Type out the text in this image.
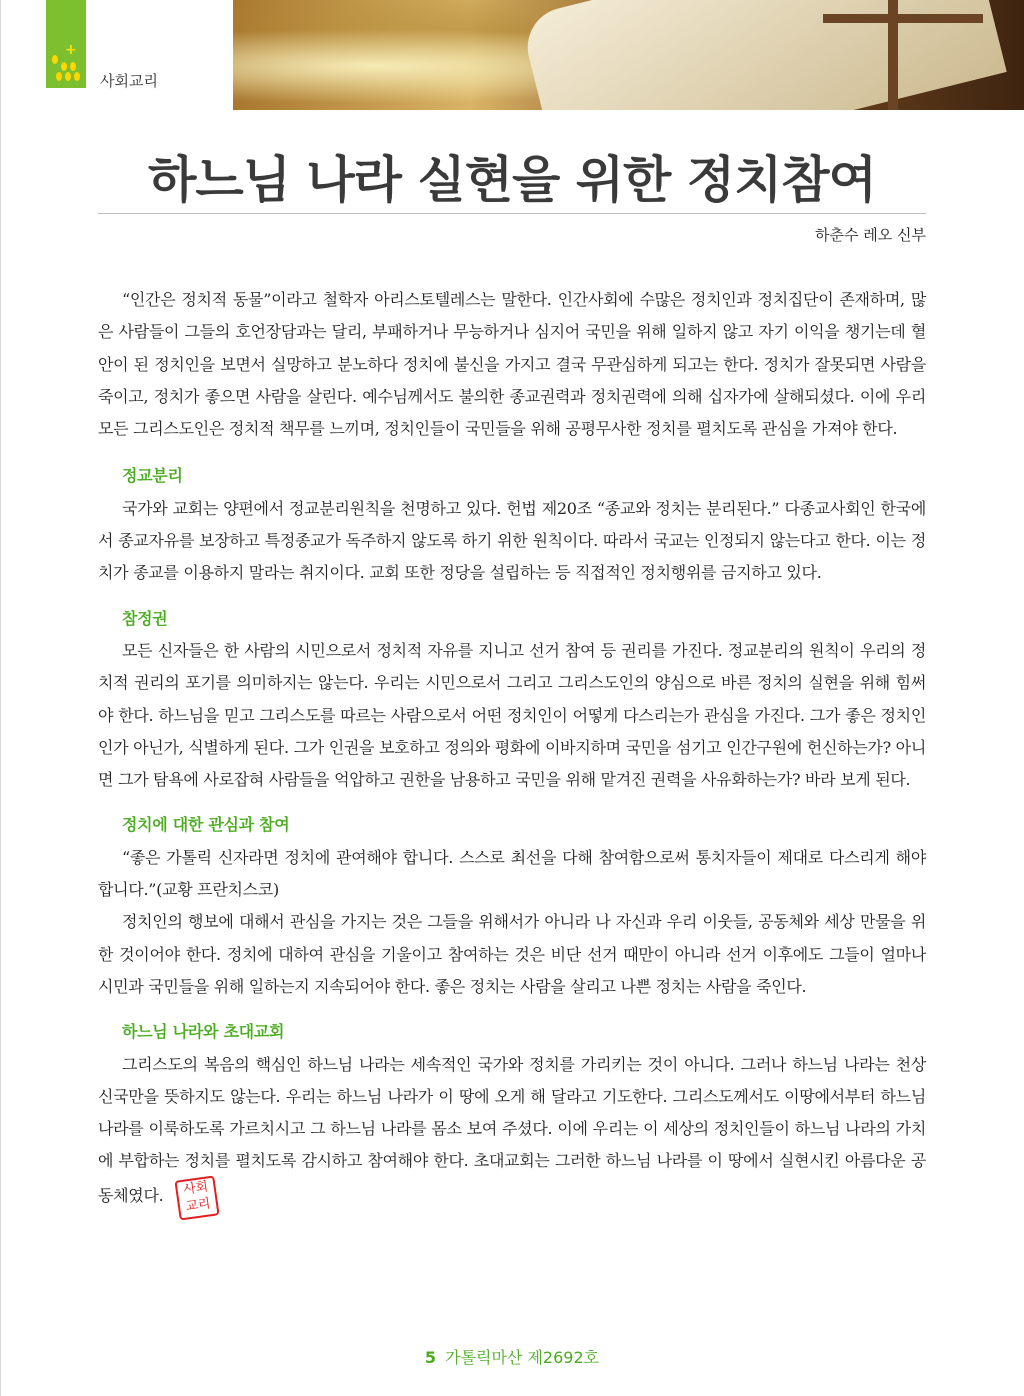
+
사회교리
하느님 나라 실현을 위한 정치참여
하춘수 레오 신부

“인간은 정치적 동물”이라고 철학자 아리스토텔레스는 말한다. 인간사회에 수많은 정치인과 정치집단이 존재하며, 많은 사람들이 그들의 호언장담과는 달리, 부패하거나 무능하거나 심지어 국민을 위해 일하지 않고 자기 이익을 챙기는데 혈안이 된 정치인을 보면서 실망하고 분노하다 정치에 불신을 가지고 결국 무관심하게 되고는 한다. 정치가 잘못되면 사람을 죽이고, 정치가 좋으면 사람을 살린다. 예수님께서도 불의한 종교권력과 정치권력에 의해 십자가에 살해되셨다. 이에 우리 모든 그리스도인은 정치적 책무를 느끼며, 정치인들이 국민들을 위해 공평무사한 정치를 펼치도록 관심을 가져야 한다.

정교분리

국가와 교회는 양편에서 정교분리원칙을 천명하고 있다. 헌법 제20조 “종교와 정치는 분리된다.” 다종교사회인 한국에서 종교자유를 보장하고 특정종교가 독주하지 않도록 하기 위한 원칙이다. 따라서 국교는 인정되지 않는다고 한다. 이는 정치가 종교를 이용하지 말라는 취지이다. 교회 또한 정당을 설립하는 등 직접적인 정치행위를 금지하고 있다.

참정권

모든 신자들은 한 사람의 시민으로서 정치적 자유를 지니고 선거 참여 등 권리를 가진다. 정교분리의 원칙이 우리의 정치적 권리의 포기를 의미하지는 않는다. 우리는 시민으로서 그리고 그리스도인의 양심으로 바른 정치의 실현을 위해 힘써야 한다. 하느님을 믿고 그리스도를 따르는 사람으로서 어떤 정치인이 어떻게 다스리는가 관심을 가진다. 그가 좋은 정치인인가 아닌가, 식별하게 된다. 그가 인권을 보호하고 정의와 평화에 이바지하며 국민을 섬기고 인간구원에 헌신하는가? 아니면 그가 탐욕에 사로잡혀 사람들을 억압하고 권한을 남용하고 국민을 위해 맡겨진 권력을 사유화하는가? 바라 보게 된다.

정치에 대한 관심과 참여

“좋은 가톨릭 신자라면 정치에 관여해야 합니다. 스스로 최선을 다해 참여함으로써 통치자들이 제대로 다스리게 해야 합니다.”(교황 프란치스코)

정치인의 행보에 대해서 관심을 가지는 것은 그들을 위해서가 아니라 나 자신과 우리 이웃들, 공동체와 세상 만물을 위한 것이어야 한다. 정치에 대하여 관심을 기울이고 참여하는 것은 비단 선거 때만이 아니라 선거 이후에도 그들이 얼마나 시민과 국민들을 위해 일하는지 지속되어야 한다. 좋은 정치는 사람을 살리고 나쁜 정치는 사람을 죽인다.

하느님 나라와 초대교회

그리스도의 복음의 핵심인 하느님 나라는 세속적인 국가와 정치를 가리키는 것이 아니다. 그러나 하느님 나라는 천상 신국만을 뜻하지도 않는다. 우리는 하느님 나라가 이 땅에 오게 해 달라고 기도한다. 그리스도께서도 이땅에서부터 하느님 나라를 이룩하도록 가르치시고 그 하느님 나라를 몸소 보여 주셨다. 이에 우리는 이 세상의 정치인들이 하느님 나라의 가치에 부합하는 정치를 펼치도록 감시하고 참여해야 한다. 초대교회는 그러한 하느님 나라를 이 땅에서 실현시킨 아름다운 공동체였다. 사회
교리

5 가톨릭마산 제2692호
